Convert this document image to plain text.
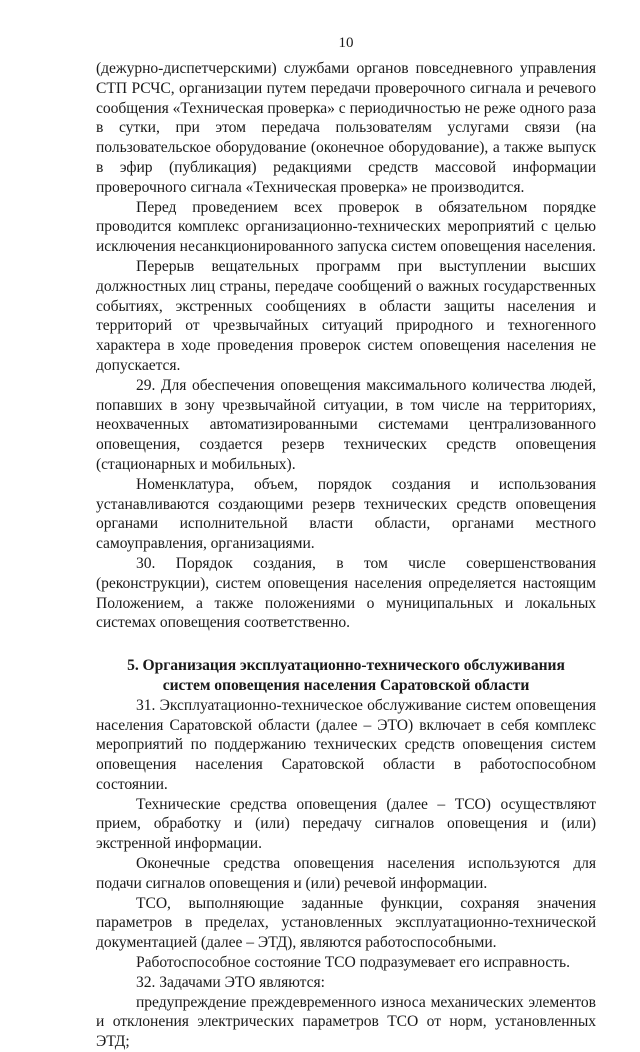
10

(дежурно-диспетчерскими) службами органов повседневного управления СТП РСЧС, организации путем передачи проверочного сигнала и речевого сообщения «Техническая проверка» с периодичностью не реже одного раза в сутки, при этом передача пользователям услугами связи (на пользовательское оборудование (оконечное оборудование), а также выпуск в эфир (публикация) редакциями средств массовой информации проверочного сигнала «Техническая проверка» не производится.

Перед проведением всех проверок в обязательном порядке проводится комплекс организационно-технических мероприятий с целью исключения несанкционированного запуска систем оповещения населения.

Перерыв вещательных программ при выступлении высших должностных лиц страны, передаче сообщений о важных государственных событиях, экстренных сообщениях в области защиты населения и территорий от чрезвычайных ситуаций природного и техногенного характера в ходе проведения проверок систем оповещения населения не допускается.

29. Для обеспечения оповещения максимального количества людей, попавших в зону чрезвычайной ситуации, в том числе на территориях, неохваченных автоматизированными системами централизованного оповещения, создается резерв технических средств оповещения (стационарных и мобильных).

Номенклатура, объем, порядок создания и использования устанавливаются создающими резерв технических средств оповещения органами исполнительной власти области, органами местного самоуправления, организациями.

30. Порядок создания, в том числе совершенствования (реконструкции), систем оповещения населения определяется настоящим Положением, а также положениями о муниципальных и локальных системах оповещения соответственно.

5. Организация эксплуатационно-технического обслуживания
систем оповещения населения Саратовской области

31. Эксплуатационно-техническое обслуживание систем оповещения населения Саратовской области (далее – ЭТО) включает в себя комплекс мероприятий по поддержанию технических средств оповещения систем оповещения населения Саратовской области в работоспособном состоянии.

Технические средства оповещения (далее – ТСО) осуществляют прием, обработку и (или) передачу сигналов оповещения и (или) экстренной информации.

Оконечные средства оповещения населения используются для подачи сигналов оповещения и (или) речевой информации.

ТСО, выполняющие заданные функции, сохраняя значения параметров в пределах, установленных эксплуатационно-технической документацией (далее – ЭТД), являются работоспособными.

Работоспособное состояние ТСО подразумевает его исправность.

32. Задачами ЭТО являются:

предупреждение преждевременного износа механических элементов и отклонения электрических параметров ТСО от норм, установленных ЭТД;
